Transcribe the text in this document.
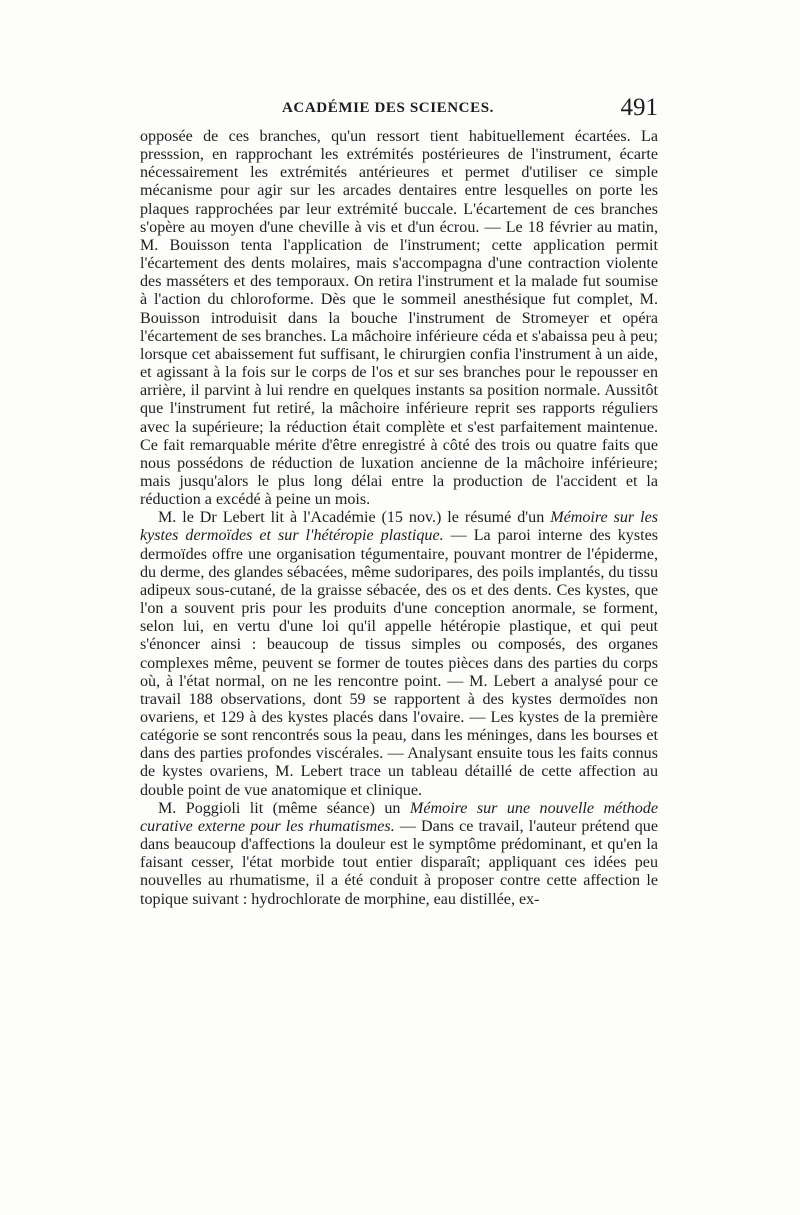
ACADÉMIE DES SCIENCES.	491

opposée de ces branches, qu'un ressort tient habituellement écartées. La presssion, en rapprochant les extrémités postérieures de l'instrument, écarte nécessairement les extrémités antérieures et permet d'utiliser ce simple mécanisme pour agir sur les arcades dentaires entre lesquelles on porte les plaques rapprochées par leur extrémité buccale. L'écartement de ces branches s'opère au moyen d'une cheville à vis et d'un écrou. — Le 18 février au matin, M. Bouisson tenta l'application de l'instrument; cette application permit l'écartement des dents molaires, mais s'accompagna d'une contraction violente des masséters et des temporaux. On retira l'instrument et la malade fut soumise à l'action du chloroforme. Dès que le sommeil anesthésique fut complet, M. Bouisson introduisit dans la bouche l'instrument de Stromeyer et opéra l'écartement de ses branches. La mâchoire inférieure céda et s'abaissa peu à peu; lorsque cet abaissement fut suffisant, le chirurgien confia l'instrument à un aide, et agissant à la fois sur le corps de l'os et sur ses branches pour le repousser en arrière, il parvint à lui rendre en quelques instants sa position normale. Aussitôt que l'instrument fut retiré, la mâchoire inférieure reprit ses rapports réguliers avec la supérieure; la réduction était complète et s'est parfaitement maintenue. Ce fait remarquable mérite d'être enregistré à côté des trois ou quatre faits que nous possédons de réduction de luxation ancienne de la mâchoire inférieure; mais jusqu'alors le plus long délai entre la production de l'accident et la réduction a excédé à peine un mois.

M. le Dr Lebert lit à l'Académie (15 nov.) le résumé d'un Mémoire sur les kystes dermoïdes et sur l'hétéropie plastique. — La paroi interne des kystes dermoïdes offre une organisation tégumentaire, pouvant montrer de l'épiderme, du derme, des glandes sébacées, même sudoripares, des poils implantés, du tissu adipeux sous-cutané, de la graisse sébacée, des os et des dents. Ces kystes, que l'on a souvent pris pour les produits d'une conception anormale, se forment, selon lui, en vertu d'une loi qu'il appelle hétéropie plastique, et qui peut s'énoncer ainsi : beaucoup de tissus simples ou composés, des organes complexes même, peuvent se former de toutes pièces dans des parties du corps où, à l'état normal, on ne les rencontre point. — M. Lebert a analysé pour ce travail 188 observations, dont 59 se rapportent à des kystes dermoïdes non ovariens, et 129 à des kystes placés dans l'ovaire. — Les kystes de la première catégorie se sont rencontrés sous la peau, dans les méninges, dans les bourses et dans des parties profondes viscérales. — Analysant ensuite tous les faits connus de kystes ovariens, M. Lebert trace un tableau détaillé de cette affection au double point de vue anatomique et clinique.

M. Poggioli lit (même séance) un Mémoire sur une nouvelle méthode curative externe pour les rhumatismes. — Dans ce travail, l'auteur prétend que dans beaucoup d'affections la douleur est le symptôme prédominant, et qu'en la faisant cesser, l'état morbide tout entier disparaît; appliquant ces idées peu nouvelles au rhumatisme, il a été conduit à proposer contre cette affection le topique suivant : hydrochlorate de morphine, eau distillée, ex-
